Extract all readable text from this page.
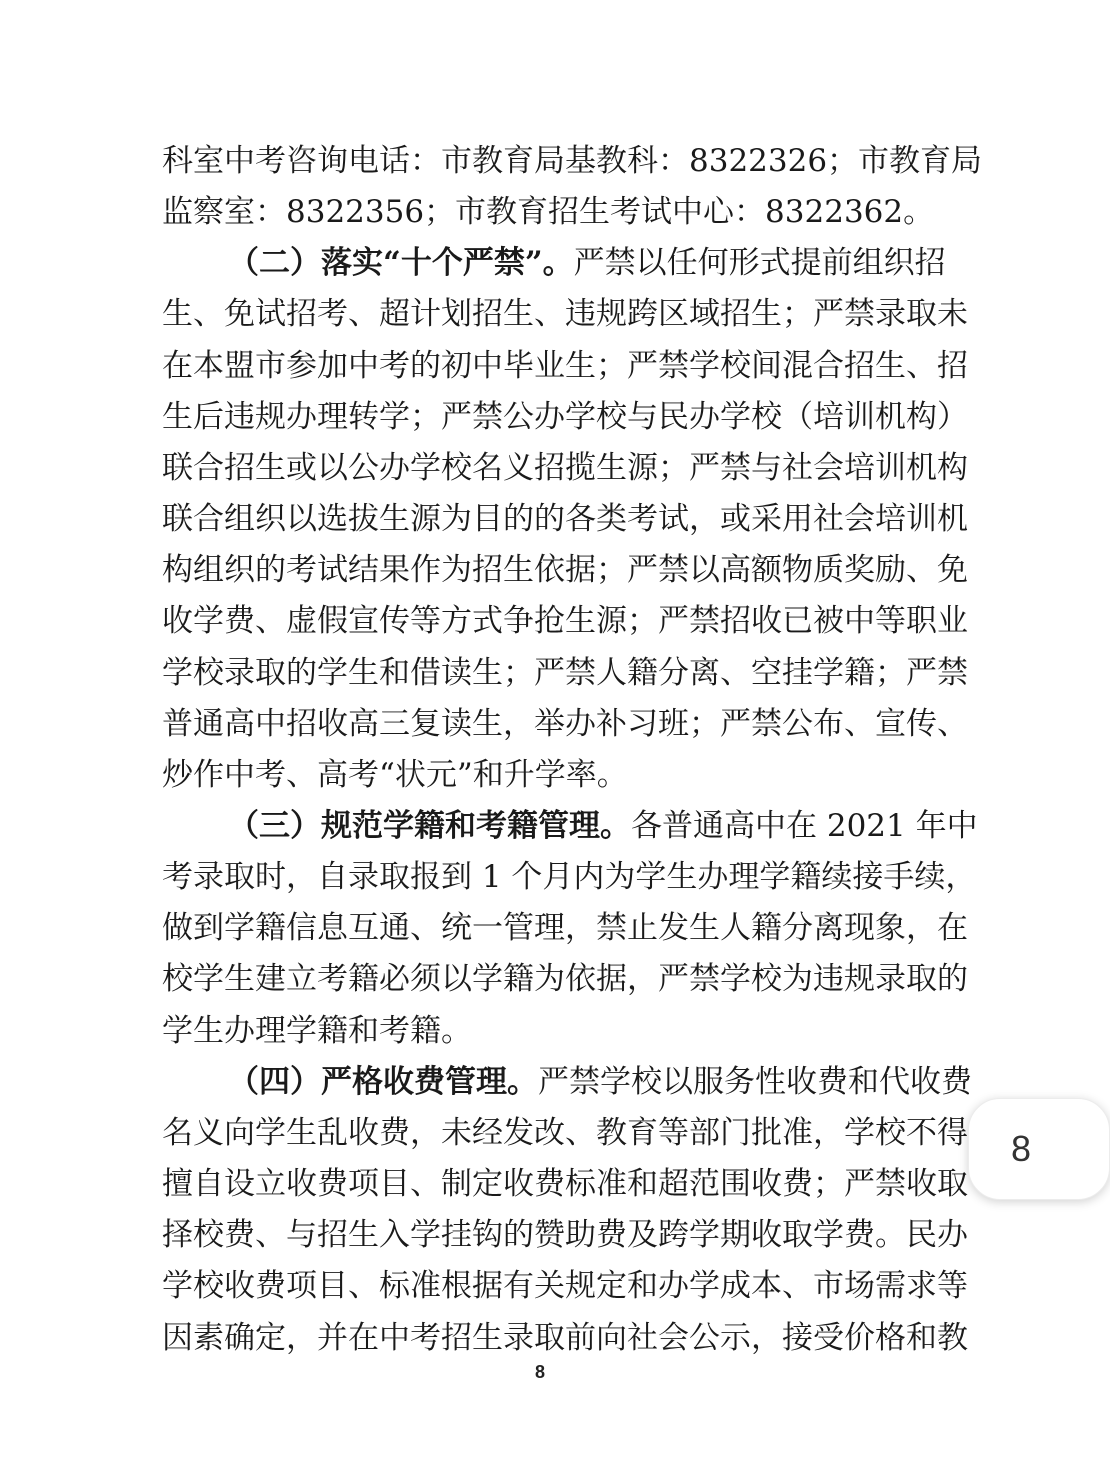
科室中考咨询电话：市教育局基教科：8322326；市教育局
监察室：8322356；市教育招生考试中心：8322362。
（二）落实“十个严禁”。严禁以任何形式提前组织招
生、免试招考、超计划招生、违规跨区域招生；严禁录取未
在本盟市参加中考的初中毕业生；严禁学校间混合招生、招
生后违规办理转学；严禁公办学校与民办学校（培训机构）
联合招生或以公办学校名义招揽生源；严禁与社会培训机构
联合组织以选拔生源为目的的各类考试，或采用社会培训机
构组织的考试结果作为招生依据；严禁以高额物质奖励、免
收学费、虚假宣传等方式争抢生源；严禁招收已被中等职业
学校录取的学生和借读生；严禁人籍分离、空挂学籍；严禁
普通高中招收高三复读生，举办补习班；严禁公布、宣传、
炒作中考、高考“状元”和升学率。
（三）规范学籍和考籍管理。各普通高中在 2021 年中
考录取时，自录取报到 1 个月内为学生办理学籍续接手续，
做到学籍信息互通、统一管理，禁止发生人籍分离现象，在
校学生建立考籍必须以学籍为依据，严禁学校为违规录取的
学生办理学籍和考籍。
（四）严格收费管理。严禁学校以服务性收费和代收费
名义向学生乱收费，未经发改、教育等部门批准，学校不得
擅自设立收费项目、制定收费标准和超范围收费；严禁收取
择校费、与招生入学挂钩的赞助费及跨学期收取学费。民办
学校收费项目、标准根据有关规定和办学成本、市场需求等
因素确定，并在中考招生录取前向社会公示，接受价格和教
8
8
